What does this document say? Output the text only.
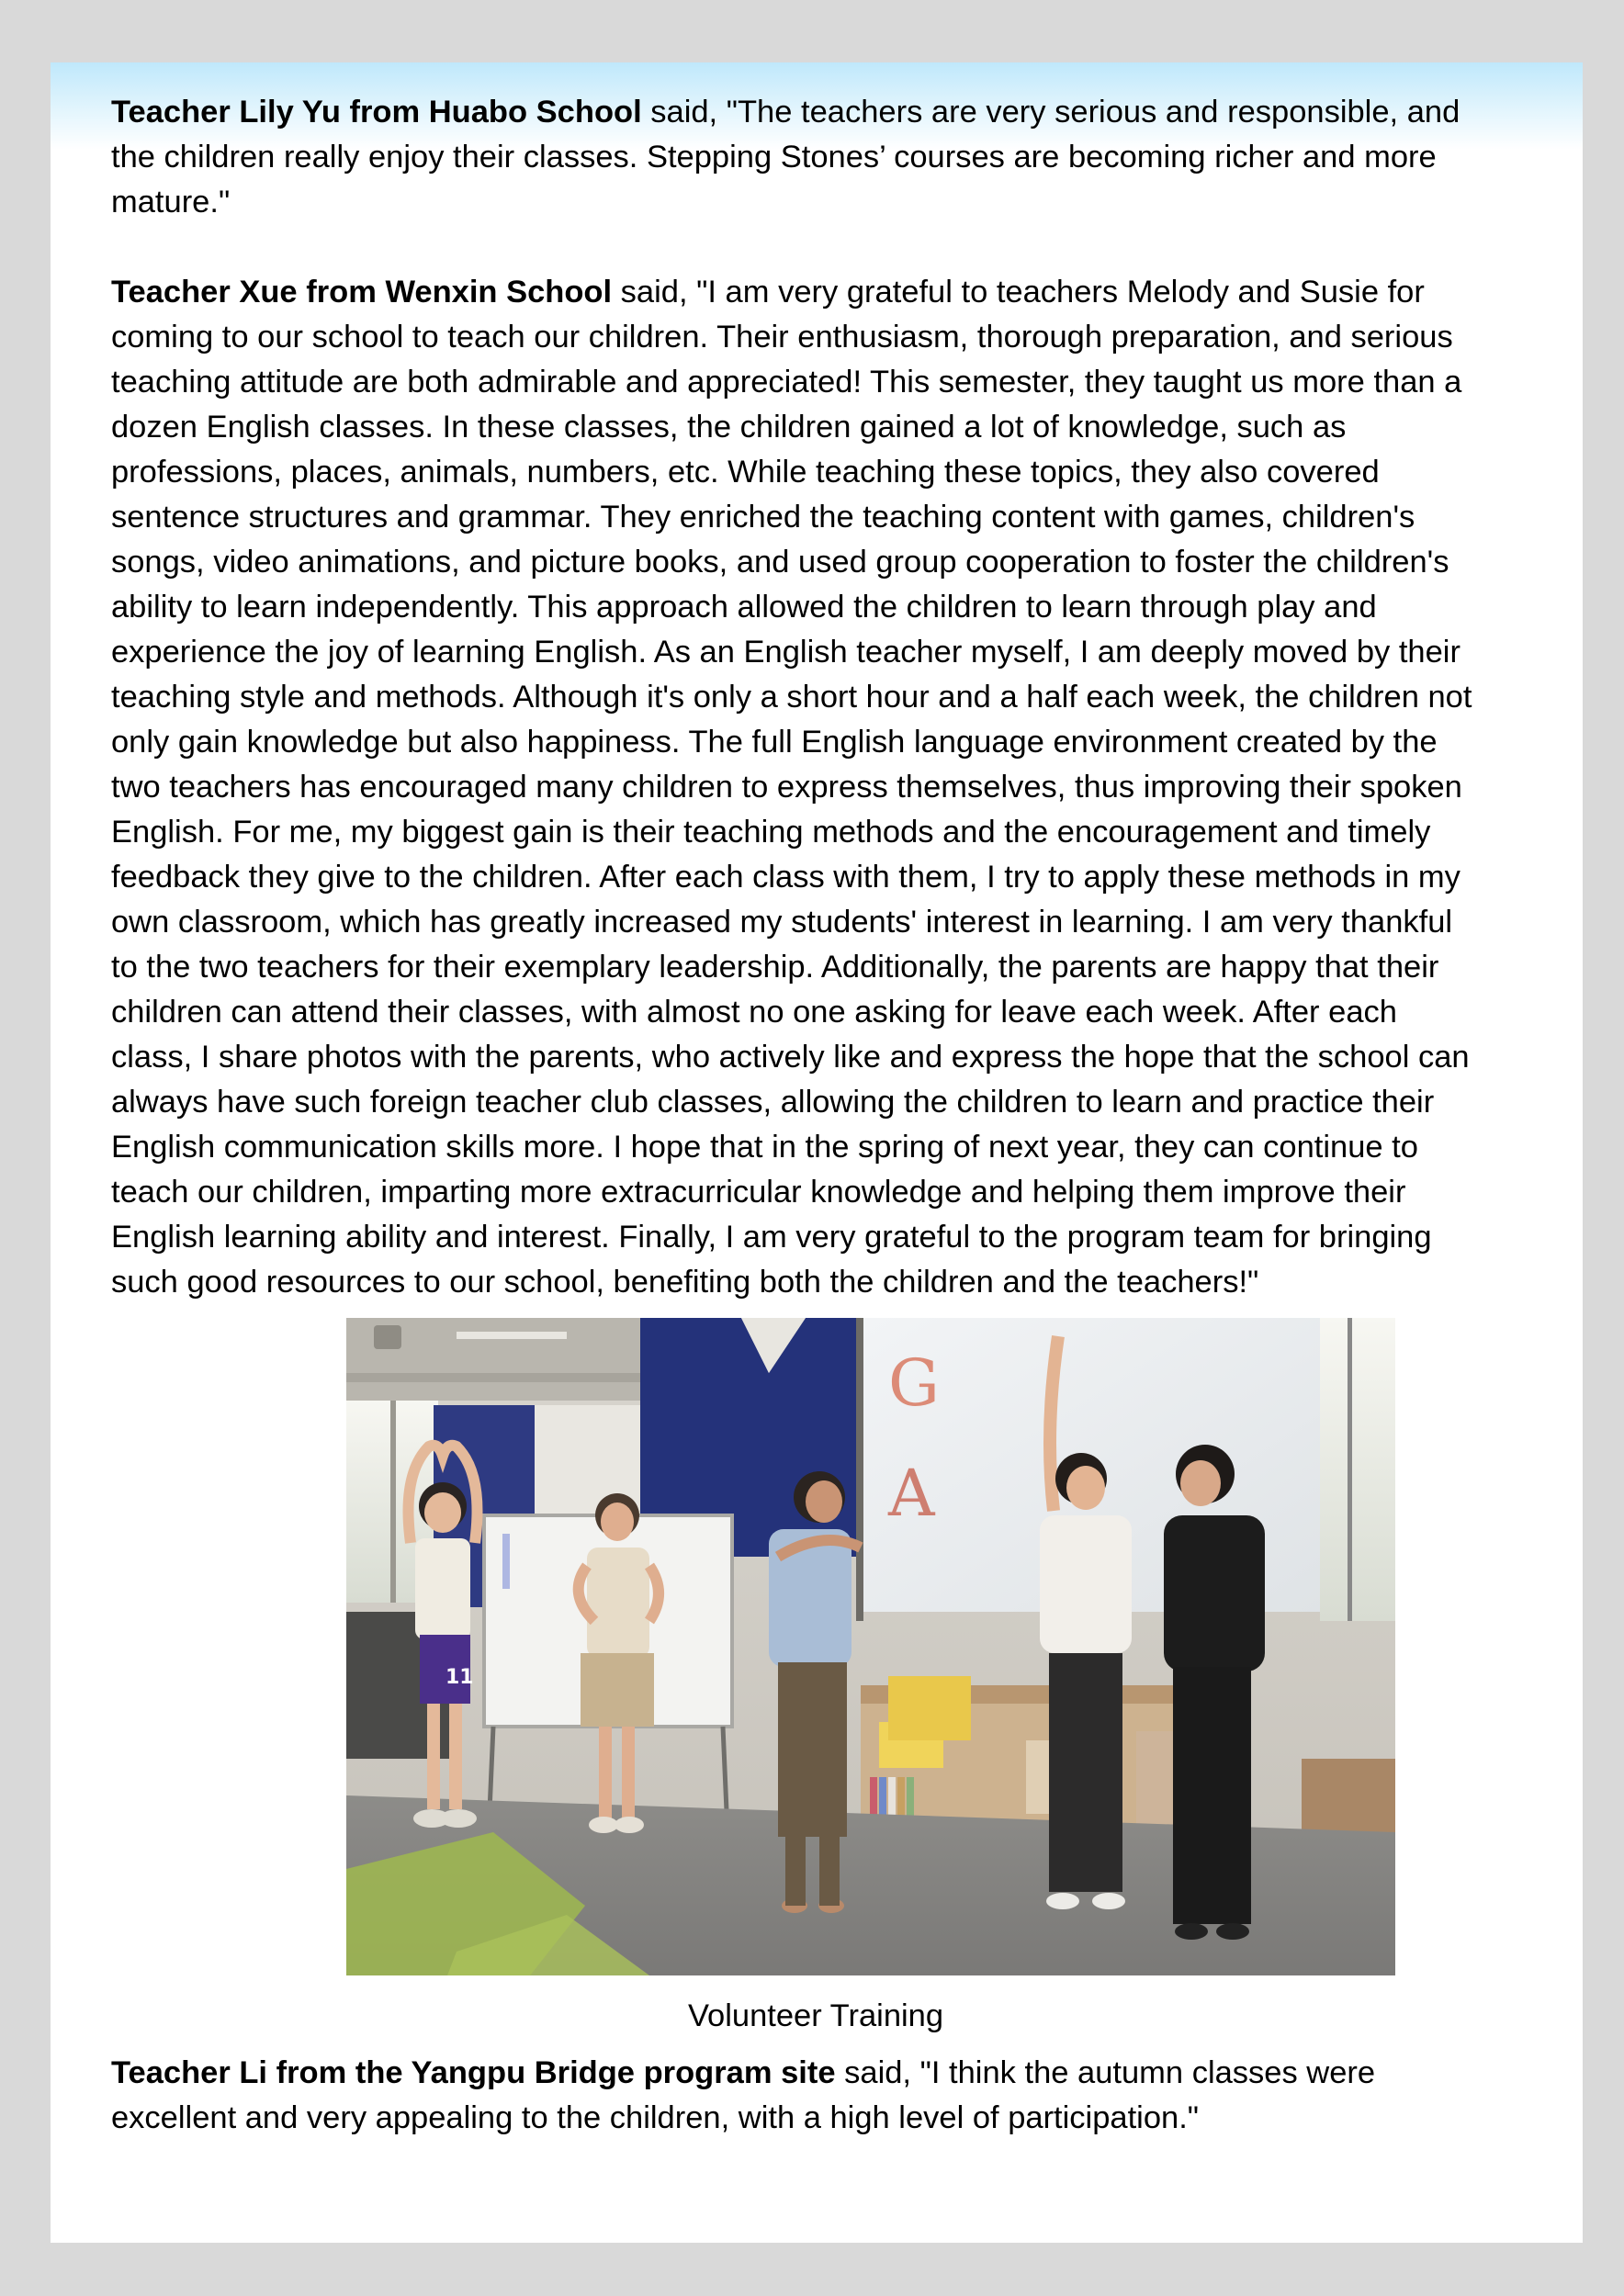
Teacher Lily Yu from Huabo School said, "The teachers are very serious and responsible, and
the children really enjoy their classes. Stepping Stones’ courses are becoming richer and more
mature."

Teacher Xue from Wenxin School said, "I am very grateful to teachers Melody and Susie for
coming to our school to teach our children. Their enthusiasm, thorough preparation, and serious
teaching attitude are both admirable and appreciated! This semester, they taught us more than a
dozen English classes. In these classes, the children gained a lot of knowledge, such as
professions, places, animals, numbers, etc. While teaching these topics, they also covered
sentence structures and grammar. They enriched the teaching content with games, children's
songs, video animations, and picture books, and used group cooperation to foster the children's
ability to learn independently. This approach allowed the children to learn through play and
experience the joy of learning English. As an English teacher myself, I am deeply moved by their
teaching style and methods. Although it's only a short hour and a half each week, the children not
only gain knowledge but also happiness. The full English language environment created by the
two teachers has encouraged many children to express themselves, thus improving their spoken
English. For me, my biggest gain is their teaching methods and the encouragement and timely
feedback they give to the children. After each class with them, I try to apply these methods in my
own classroom, which has greatly increased my students' interest in learning. I am very thankful
to the two teachers for their exemplary leadership. Additionally, the parents are happy that their
children can attend their classes, with almost no one asking for leave each week. After each
class, I share photos with the parents, who actively like and express the hope that the school can
always have such foreign teacher club classes, allowing the children to learn and practice their
English communication skills more. I hope that in the spring of next year, they can continue to
teach our children, imparting more extracurricular knowledge and helping them improve their
English learning ability and interest. Finally, I am very grateful to the program team for bringing
such good resources to our school, benefiting both the children and the teachers!"

G
A
11
Volunteer Training

Teacher Li from the Yangpu Bridge program site said, "I think the autumn classes were
excellent and very appealing to the children, with a high level of participation."
